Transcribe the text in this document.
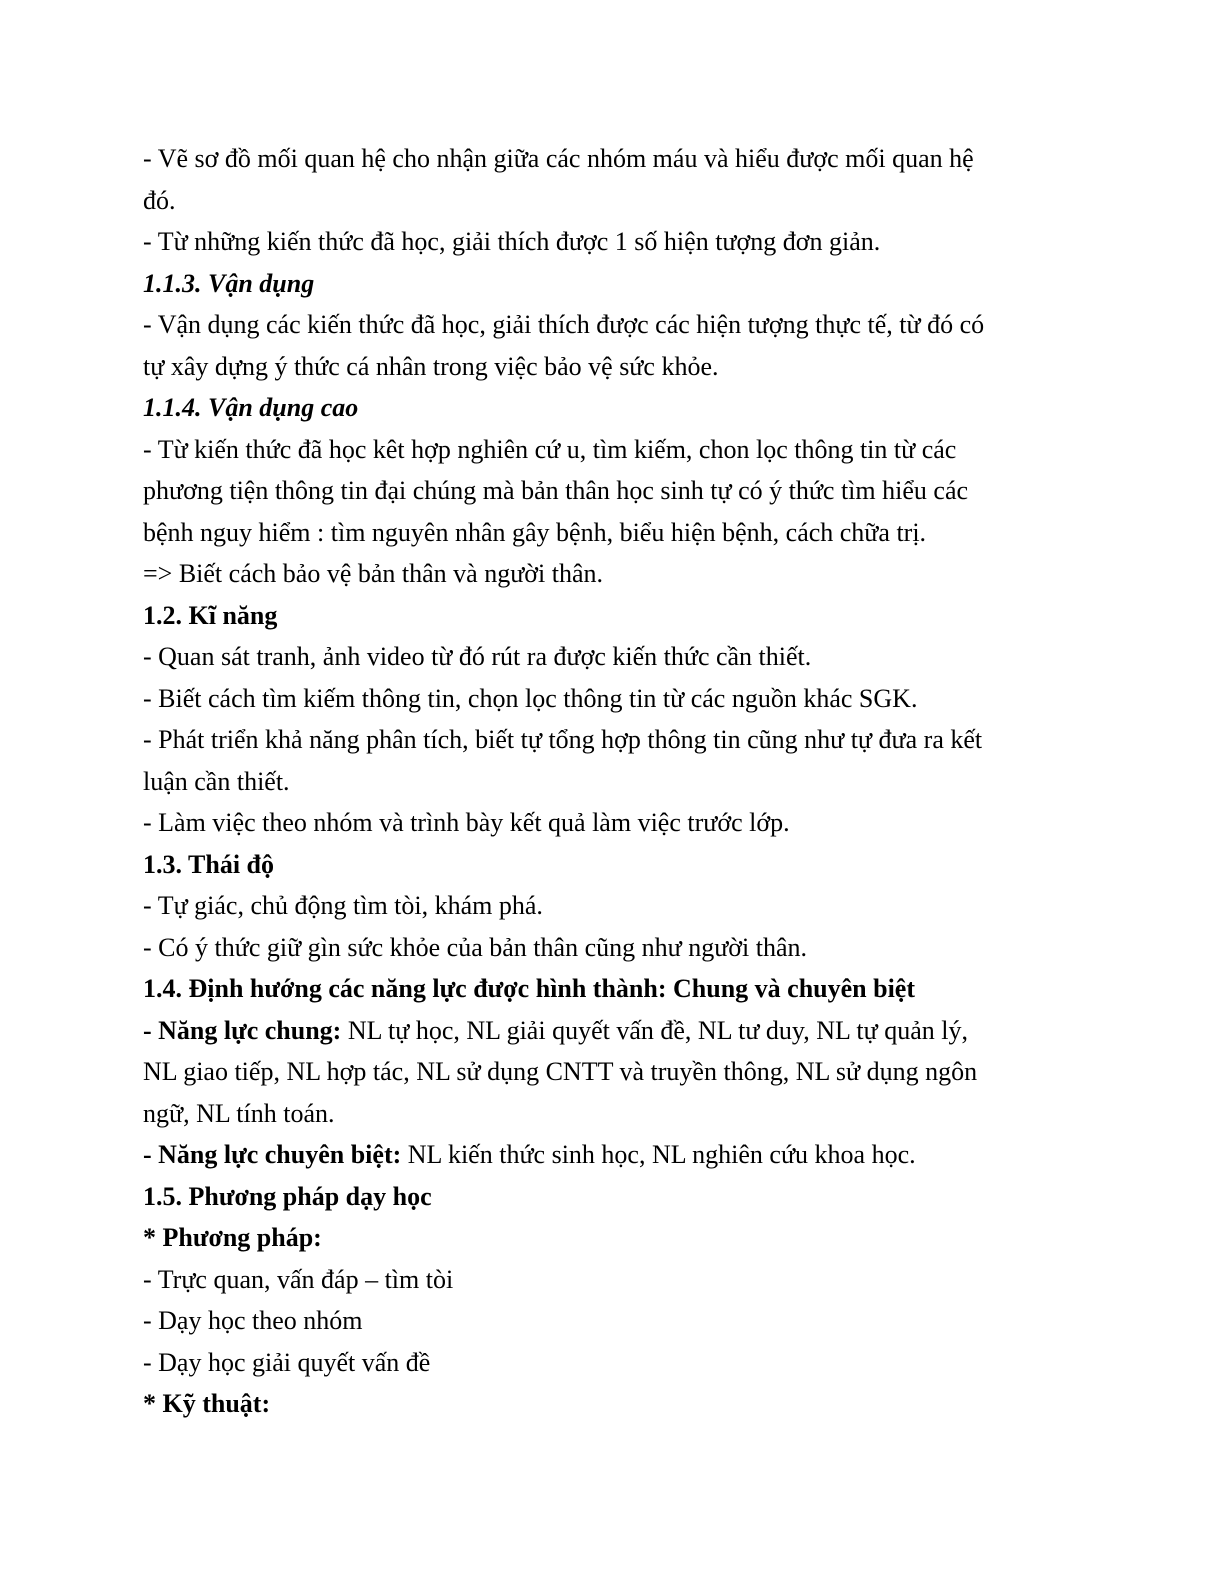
- Vẽ sơ đồ mối quan hệ cho nhận giữa các nhóm máu và hiểu được mối quan hệ

đó.

- Từ những kiến thức đã học, giải thích được 1 số hiện tượng đơn giản.

1.1.3. Vận dụng

- Vận dụng các kiến thức đã học, giải thích được các hiện tượng thực tế, từ đó có

tự xây dựng ý thức cá nhân trong việc bảo vệ sức khỏe.

1.1.4. Vận dụng cao

- Từ kiến thức đã học kêt hợp nghiên cứ u, tìm kiếm, chon lọc thông tin từ các

phương tiện thông tin đại chúng mà bản thân học sinh tự có ý thức tìm hiểu các

bệnh nguy hiểm : tìm nguyên nhân gây bệnh, biểu hiện bệnh, cách chữa trị.

=> Biết cách bảo vệ bản thân và người thân.

1.2. Kĩ năng

- Quan sát tranh, ảnh video từ đó rút ra được kiến thức cần thiết.

- Biết cách tìm kiếm thông tin, chọn lọc thông tin từ các nguồn khác SGK.

- Phát triển khả năng phân tích, biết tự tổng hợp thông tin cũng như tự đưa ra kết

luận cần thiết.

- Làm việc theo nhóm và trình bày kết quả làm việc trước lớp.

1.3. Thái độ

- Tự giác, chủ động tìm tòi, khám phá.

- Có ý thức giữ gìn sức khỏe của bản thân cũng như người thân.

1.4. Định hướng các năng lực được hình thành: Chung và chuyên biệt

- Năng lực chung: NL tự học, NL giải quyết vấn đề, NL tư duy, NL tự quản lý,

NL giao tiếp, NL hợp tác, NL sử dụng CNTT và truyền thông, NL sử dụng ngôn

ngữ, NL tính toán.

- Năng lực chuyên biệt: NL kiến thức sinh học, NL nghiên cứu khoa học.

1.5. Phương pháp dạy học

* Phương pháp:

- Trực quan, vấn đáp – tìm tòi

- Dạy học theo nhóm

- Dạy học giải quyết vấn đề

* Kỹ thuật:
